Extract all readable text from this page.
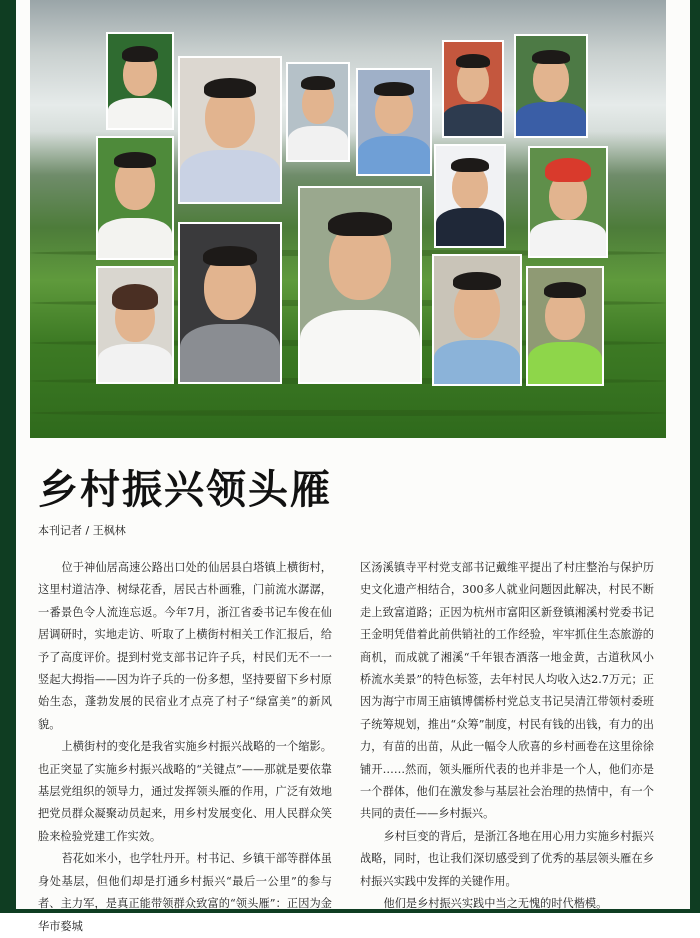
乡村振兴领头雁
本刊记者 / 王枫林

位于神仙居高速公路出口处的仙居县白塔镇上横街村，这里村道洁净、树绿花香，居民古朴画雅，门前流水潺潺，一番景色令人流连忘返。今年7月，浙江省委书记车俊在仙居调研时，实地走访、听取了上横街村相关工作汇报后，给予了高度评价。提到村党支部书记许子兵，村民们无不一一竖起大拇指——因为许子兵的一份多想，坚持要留下乡村原始生态，蓬勃发展的民宿业才点亮了村子“绿富美”的新风貌。

上横街村的变化是我省实施乡村振兴战略的一个缩影。也正突显了实施乡村振兴战略的“关键点”——那就是要依靠基层党组织的领导力，通过发挥领头雁的作用，广泛有效地把党员群众凝聚动员起来，用乡村发展变化、用人民群众笑脸来检验党建工作实效。

苔花如米小，也学牡丹开。村书记、乡镇干部等群体虽身处基层，但他们却是打通乡村振兴“最后一公里”的参与者、主力军，是真正能带领群众致富的“领头雁”：正因为金华市婺城

区汤溪镇寺平村党支部书记戴维平提出了村庄整治与保护历史文化遗产相结合，300多人就业问题因此解决，村民不断走上致富道路；正因为杭州市富阳区新登镇湘溪村党委书记王金明凭借着此前供销社的工作经验，牢牢抓住生态旅游的商机，而成就了湘溪“千年银杏酒落一地金黄，古道秋风小桥流水美景”的特色标签，去年村民人均收入达2.7万元；正因为海宁市周王庙镇博儒桥村党总支书记吴清江带领村委班子统筹规划，推出“众筹”制度，村民有钱的出钱，有力的出力，有苗的出苗，从此一幅令人欣喜的乡村画卷在这里徐徐铺开……然而，领头雁所代表的也并非是一个人，他们亦是一个群体，他们在激发参与基层社会治理的热情中，有一个共同的责任——乡村振兴。

乡村巨变的背后，是浙江各地在用心用力实施乡村振兴战略，同时，也让我们深切感受到了优秀的基层领头雁在乡村振兴实践中发挥的关键作用。

他们是乡村振兴实践中当之无愧的时代楷模。
